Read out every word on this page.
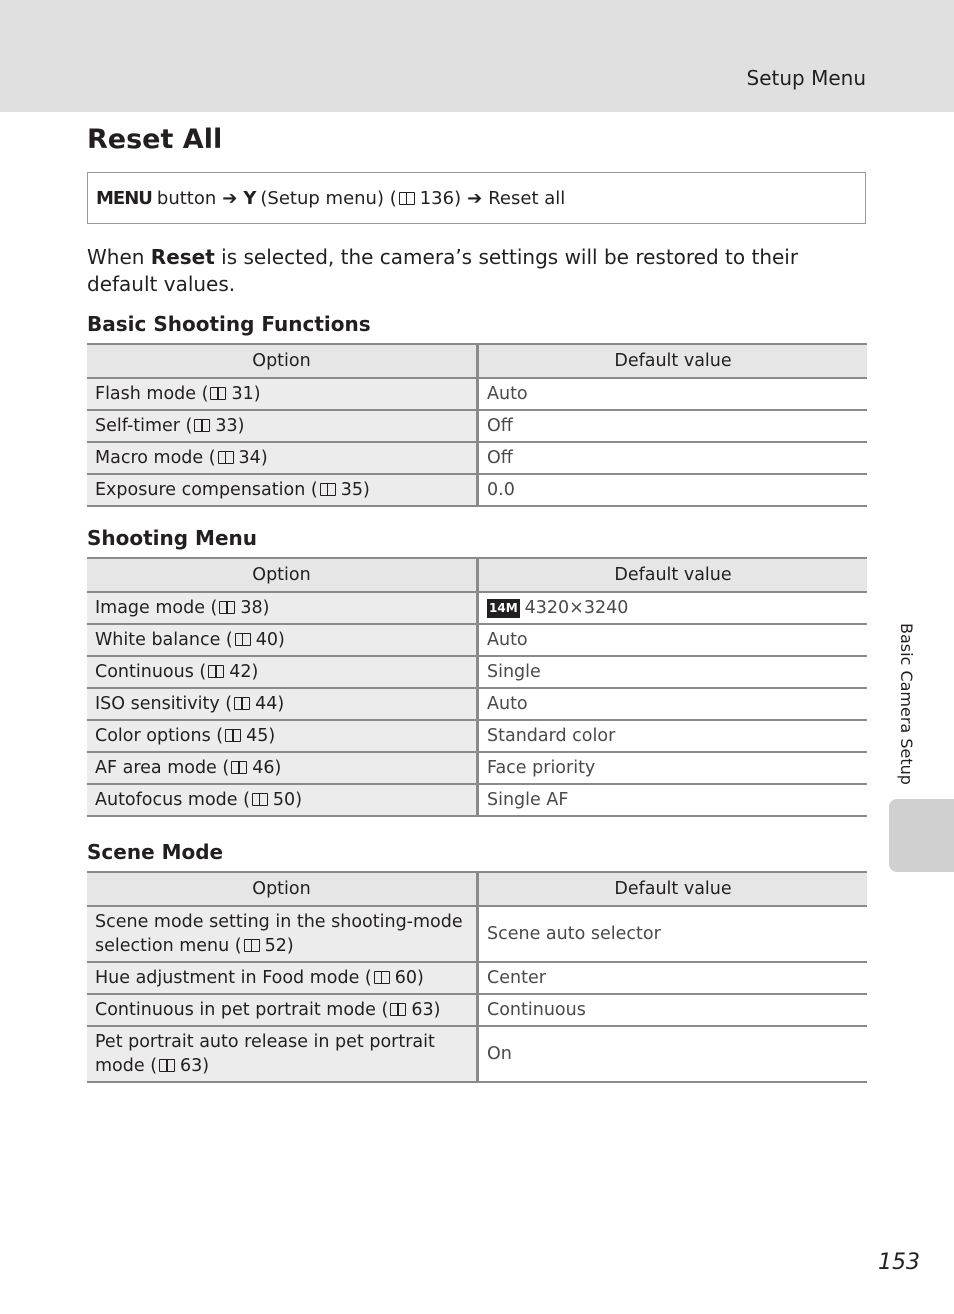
Setup Menu
Reset All
MENU button ➔ Y (Setup menu) ( 136) ➔ Reset all

When Reset is selected, the camera’s settings will be restored to their default values.

Basic Shooting Functions
Option	Default value
Flash mode ( 31)	Auto
Self-timer ( 33)	Off
Macro mode ( 34)	Off
Exposure compensation ( 35)	0.0
Shooting Menu
Option	Default value
Image mode ( 38)	14M 4320×3240
White balance ( 40)	Auto
Continuous ( 42)	Single
ISO sensitivity ( 44)	Auto
Color options ( 45)	Standard color
AF area mode ( 46)	Face priority
Autofocus mode ( 50)	Single AF
Scene Mode
Option	Default value
Scene mode setting in the shooting-mode selection menu ( 52)	Scene auto selector
Hue adjustment in Food mode ( 60)	Center
Continuous in pet portrait mode ( 63)	Continuous
Pet portrait auto release in pet portrait mode ( 63)	On
Basic Camera Setup
153
